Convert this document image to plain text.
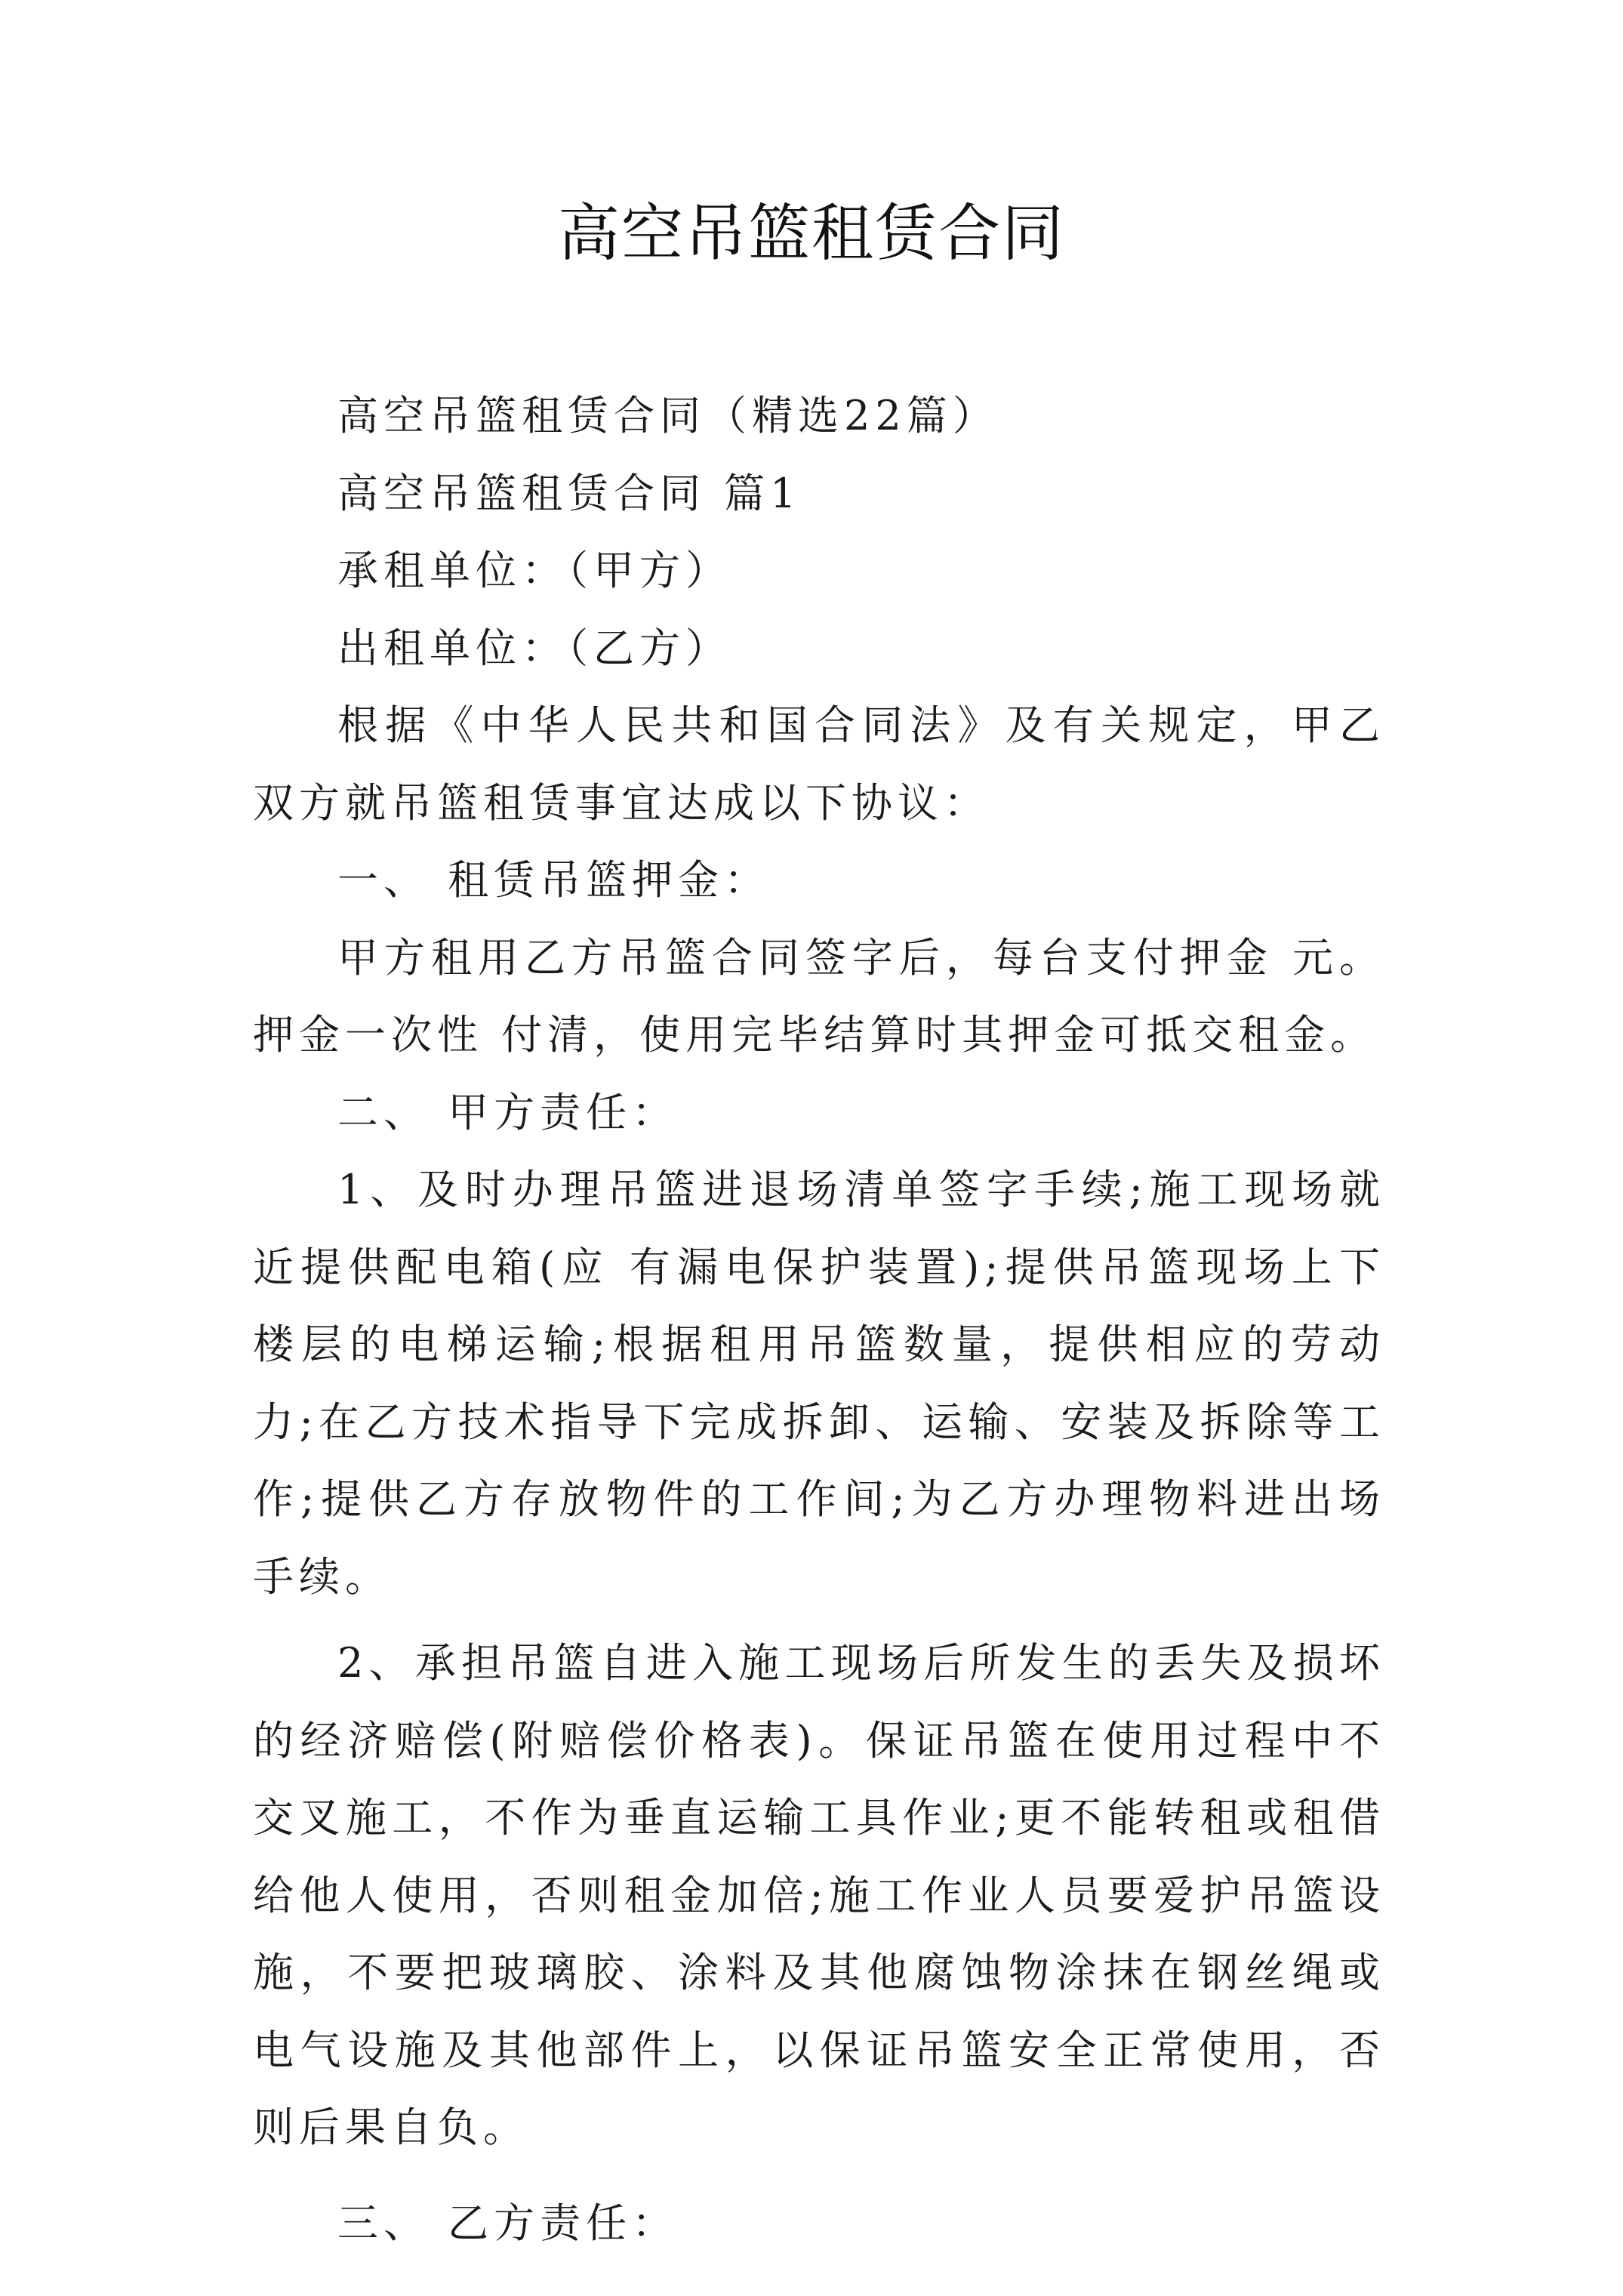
高空吊篮租赁合同

高空吊篮租赁合同（精选22篇）

高空吊篮租赁合同 篇1

承租单位：（甲方）

出租单位：（乙方）

根据《中华人民共和国合同法》及有关规定，甲乙双方就吊篮租赁事宜达成以下协议：

一、 租赁吊篮押金：

甲方租用乙方吊篮合同签字后，每台支付押金 元。押金一次性 付清，使用完毕结算时其押金可抵交租金。

二、 甲方责任：

1、及时办理吊篮进退场清单签字手续;施工现场就近提供配电箱(应 有漏电保护装置);提供吊篮现场上下楼层的电梯运输;根据租用吊篮数量，提供相应的劳动力;在乙方技术指导下完成拆卸、运输、安装及拆除等工作;提供乙方存放物件的工作间;为乙方办理物料进出场手续。

2、承担吊篮自进入施工现场后所发生的丢失及损坏的经济赔偿(附赔偿价格表)。保证吊篮在使用过程中不交叉施工，不作为垂直运输工具作业;更不能转租或租借给他人使用，否则租金加倍;施工作业人员要爱护吊篮设施，不要把玻璃胶、涂料及其他腐蚀物涂抹在钢丝绳或电气设施及其他部件上，以保证吊篮安全正常使用，否则后果自负。

三、 乙方责任：
